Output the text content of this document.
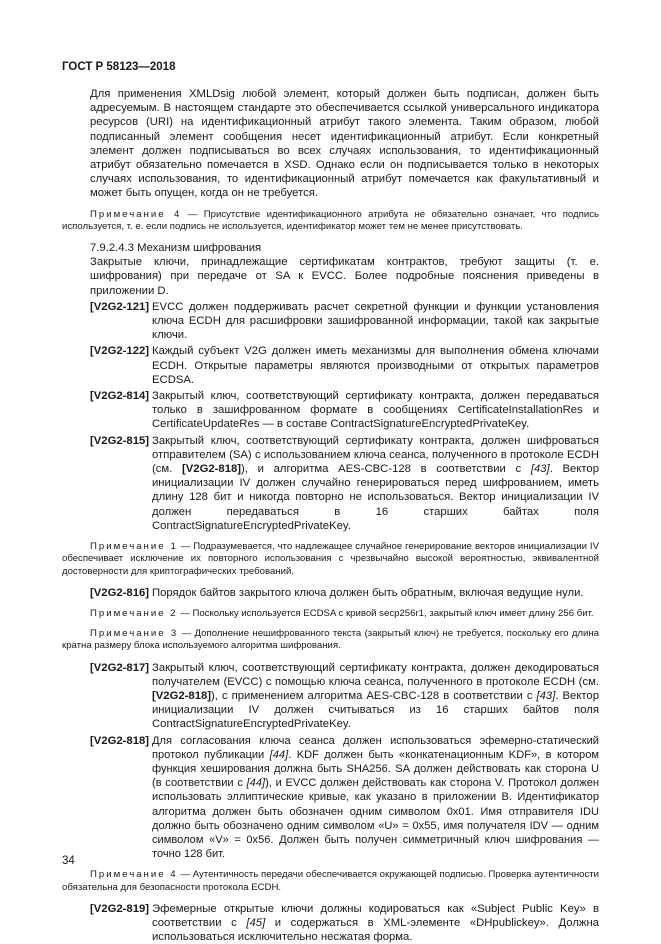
ГОСТ Р 58123—2018

Для применения XMLDsig любой элемент, который должен быть подписан, должен быть адресуемым. В настоящем стандарте это обеспечивается ссылкой универсального индикатора ресурсов (URI) на идентификационный атрибут такого элемента. Таким образом, любой подписанный элемент сообщения несет идентификационный атрибут. Если конкретный элемент должен подписываться во всех случаях использования, то идентификационный атрибут обязательно помечается в XSD. Однако если он подписывается только в некоторых случаях использования, то идентификационный атрибут помечается как факультативный и может быть опущен, когда он не требуется.

Примечание 4 — Присутствие идентификационного атрибута не обязательно означает, что подпись используется, т. е. если подпись не используется, идентификатор может тем не менее присутствовать.

7.9.2.4.3 Механизм шифрования

Закрытые ключи, принадлежащие сертификатам контрактов, требуют защиты (т. е. шифрования) при передаче от SA к EVCC. Более подробные пояснения приведены в приложении D.

[V2G2-121] EVCC должен поддерживать расчет секретной функции и функции установления ключа ECDH для расшифровки зашифрованной информации, такой как закрытые ключи.
[V2G2-122] Каждый субъект V2G должен иметь механизмы для выполнения обмена ключами ECDH. Открытые параметры являются производными от открытых параметров ECDSA.
[V2G2-814] Закрытый ключ, соответствующий сертификату контракта, должен передаваться только в зашифрованном формате в сообщениях CertificateInstallationRes и CertificateUpdateRes — в составе ContractSignatureEncryptedPrivateKey.
[V2G2-815] Закрытый ключ, соответствующий сертификату контракта, должен шифроваться отправителем (SA) с использованием ключа сеанса, полученного в протоколе ECDH (см. [V2G2-818]), и алгоритма AES-CBC-128 в соответствии с [43]. Вектор инициализации IV должен случайно генерироваться перед шифрованием, иметь длину 128 бит и никогда повторно не использоваться. Вектор инициализации IV должен передаваться в 16 старших байтах поля ContractSignatureEncryptedPrivateKey.

Примечание 1 — Подразумевается, что надлежащее случайное генерирование векторов инициализации IV обеспечивает исключение их повторного использования с чрезвычайно высокой вероятностью, эквивалентной достоверности для криптографических требований.

[V2G2-816] Порядок байтов закрытого ключа должен быть обратным, включая ведущие нули.

Примечание 2 — Поскольку используется ECDSA с кривой secp256r1, закрытый ключ имеет длину 256 бит.

Примечание 3 — Дополнение нешифрованного текста (закрытый ключ) не требуется, поскольку его длина кратна размеру блока используемого алгоритма шифрования.

[V2G2-817] Закрытый ключ, соответствующий сертификату контракта, должен декодироваться получателем (EVCC) с помощью ключа сеанса, полученного в протоколе ECDH (см. [V2G2-818]), с применением алгоритма AES-CBC-128 в соответствии с [43]. Вектор инициализации IV должен считываться из 16 старших байтов поля ContractSignatureEncryptedPrivateKey.
[V2G2-818] Для согласования ключа сеанса должен использоваться эфемерно-статический протокол публикации [44]. KDF должен быть «конкатенационным KDF», в котором функция хеширования должна быть SHA256. SA должен действовать как сторона U (в соответствии с [44]), и EVCC должен действовать как сторона V. Протокол должен использовать эллиптические кривые, как указано в приложении В. Идентификатор алгоритма должен быть обозначен одним символом 0x01. Имя отправителя IDU должно быть обозначено одним символом «U» = 0x55, имя получателя IDV — одним символом «V» = 0x56. Должен быть получен симметричный ключ шифрования — точно 128 бит.

Примечание 4 — Аутентичность передачи обеспечивается окружающей подписью. Проверка аутентичности обязательна для безопасности протокола ECDH.

[V2G2-819] Эфемерные открытые ключи должны кодироваться как «Subject Public Key» в соответствии с [45] и содержаться в XML-элементе «DHpublickey». Должна использоваться исключительно несжатая форма.
34
